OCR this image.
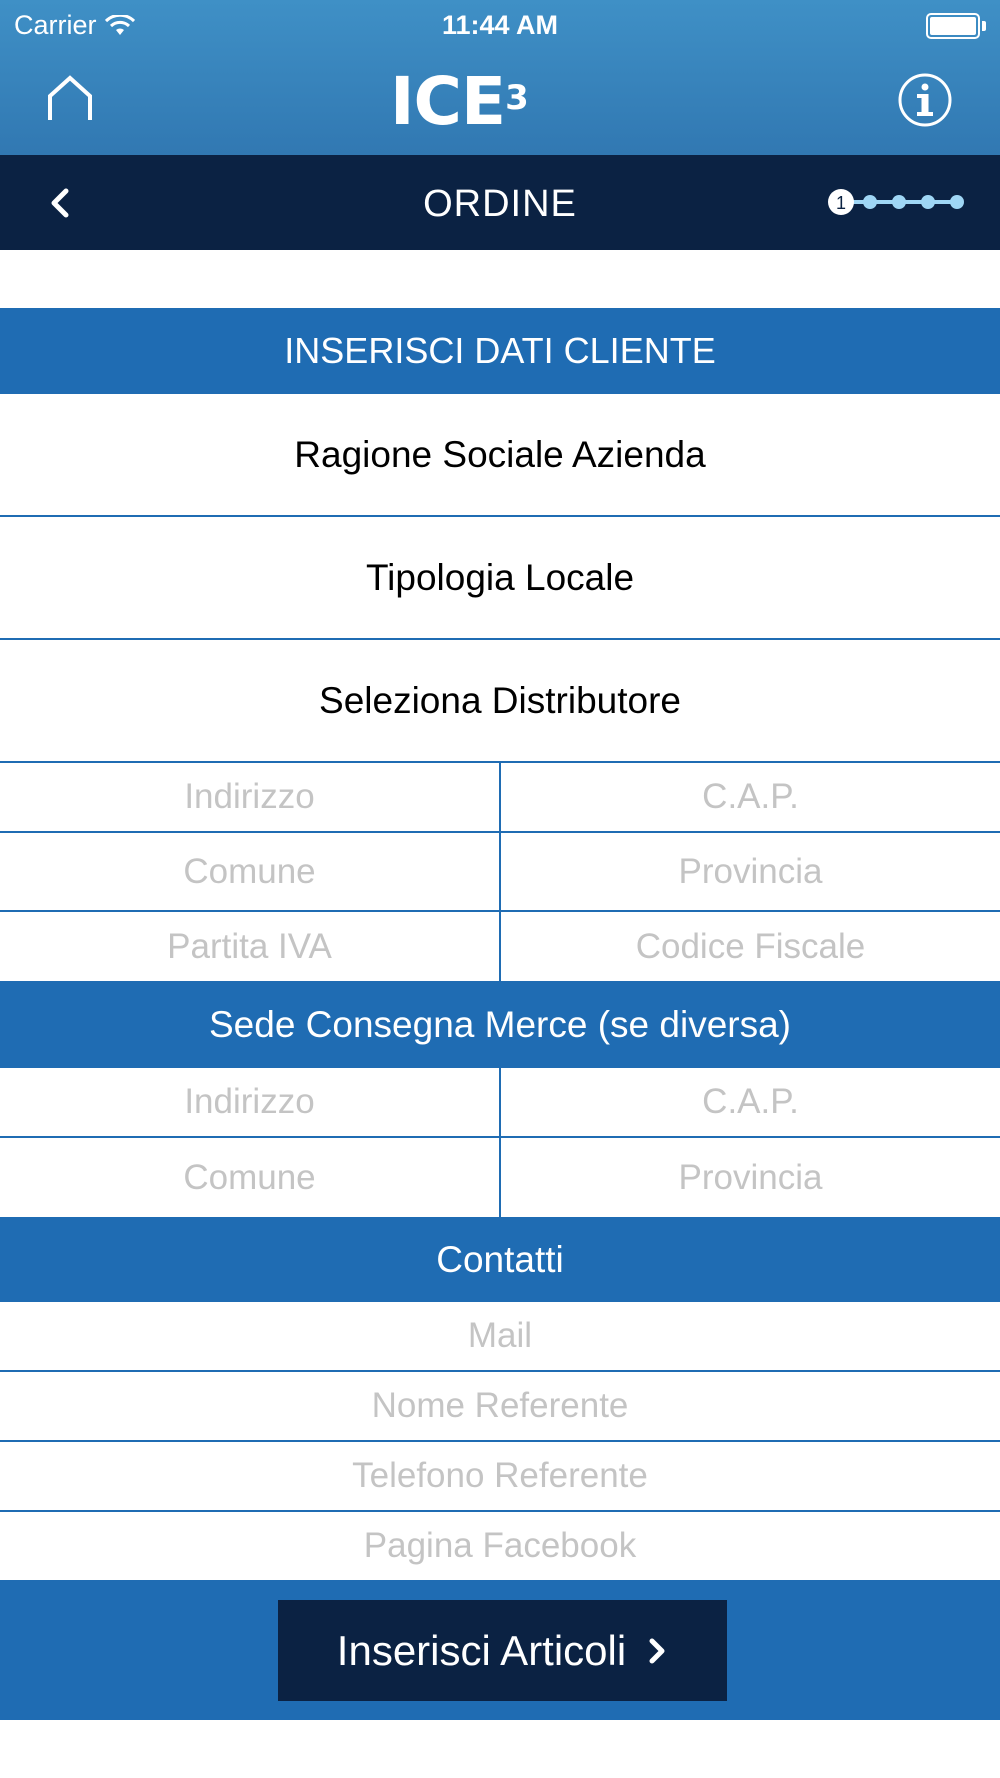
Carrier	11:44 AM
ICE$^3$
ORDINE	1
INSERISCI DATI CLIENTE
Ragione Sociale Azienda
Tipologia Locale
Seleziona Distributore
Indirizzo	C.A.P.
Comune	Provincia
Partita IVA	Codice Fiscale
Sede Consegna Merce (se diversa)
Indirizzo	C.A.P.
Comune	Provincia
Contatti
Mail
Nome Referente
Telefono Referente
Pagina Facebook
Inserisci Articoli
